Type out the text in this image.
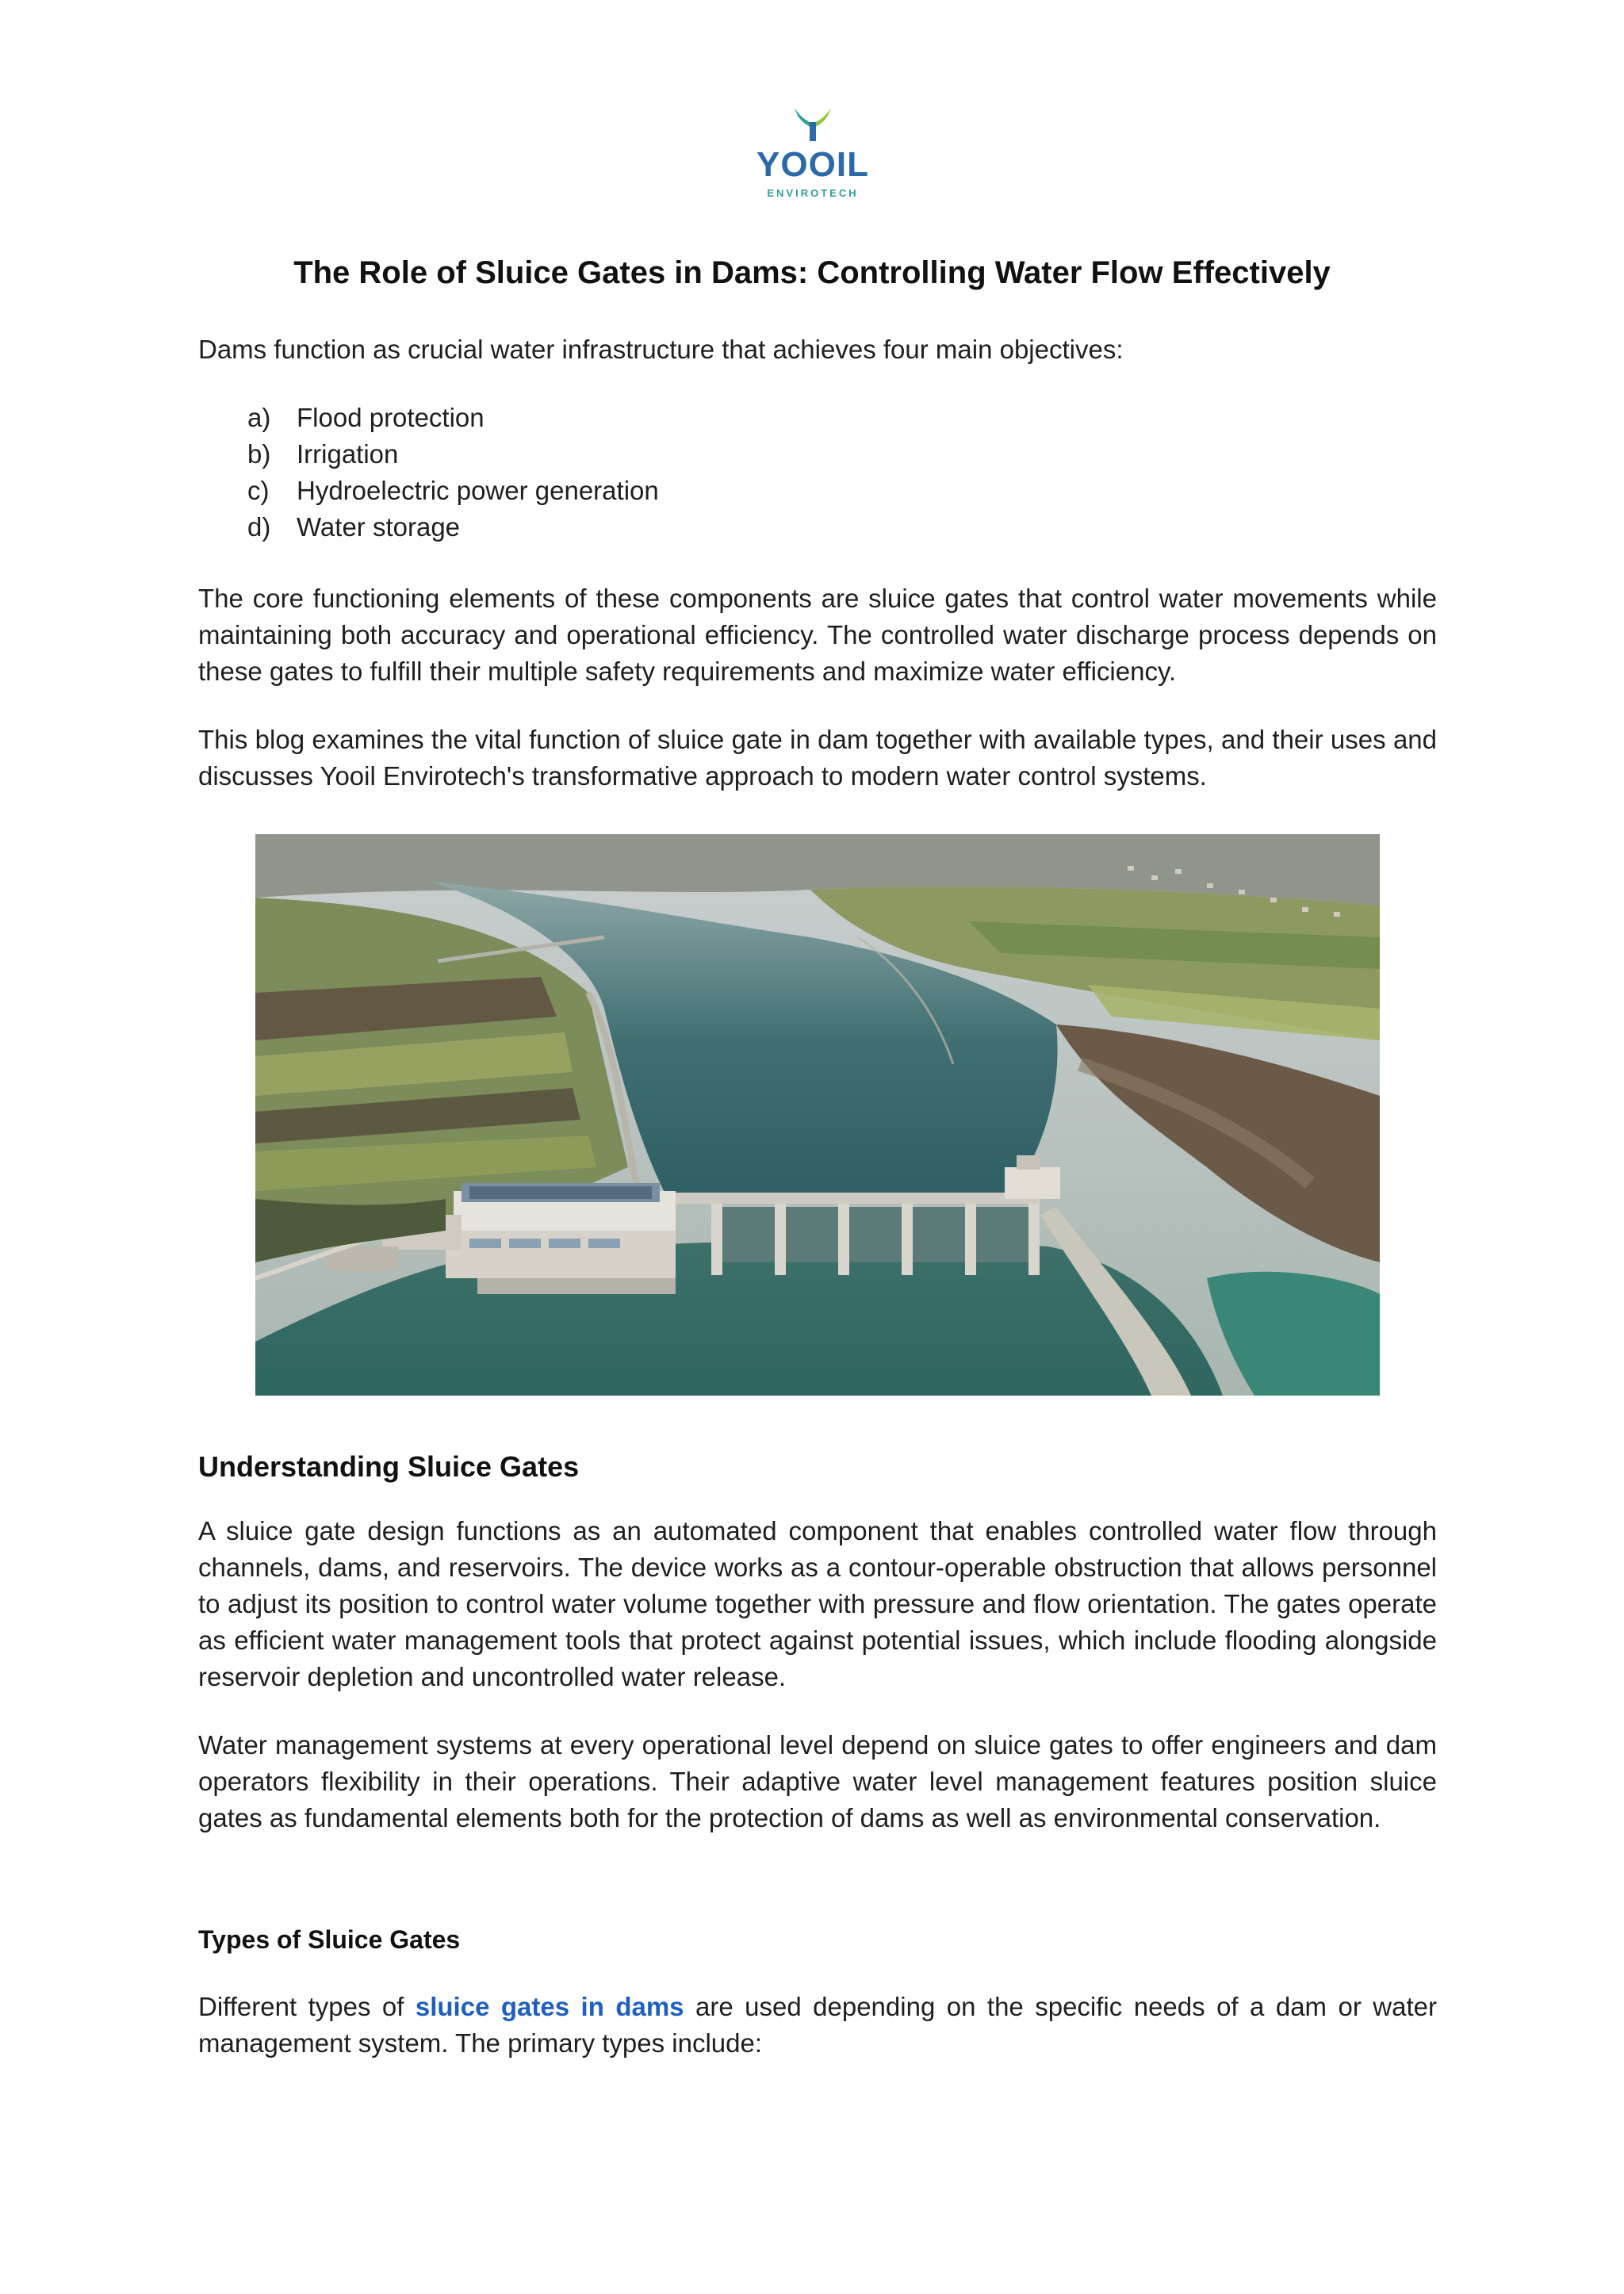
YOOIL
ENVIROTECH
The Role of Sluice Gates in Dams: Controlling Water Flow Effectively
Dams function as crucial water infrastructure that achieves four main objectives:
a) Flood protection
b) Irrigation
c)	Hydroelectric power generation
d) Water storage
The core functioning elements of these components are sluice gates that control water movements while maintaining both accuracy and operational efficiency. The controlled water discharge process depends on these gates to fulfill their multiple safety requirements and maximize water efficiency.
This blog examines the vital function of sluice gate in dam together with available types, and their uses and discusses Yooil Envirotech's transformative approach to modern water control systems.
Understanding Sluice Gates
A sluice gate design functions as an automated component that enables controlled water flow through channels, dams, and reservoirs. The device works as a contour-operable obstruction that allows personnel to adjust its position to control water volume together with pressure and flow orientation. The gates operate as efficient water management tools that protect against potential issues, which include flooding alongside reservoir depletion and uncontrolled water release.
Water management systems at every operational level depend on sluice gates to offer engineers and dam operators flexibility in their operations. Their adaptive water level management features position sluice gates as fundamental elements both for the protection of dams as well as environmental conservation.
Types of Sluice Gates
Different types of sluice gates in dams are used depending on the specific needs of a dam or water management system. The primary types include:
